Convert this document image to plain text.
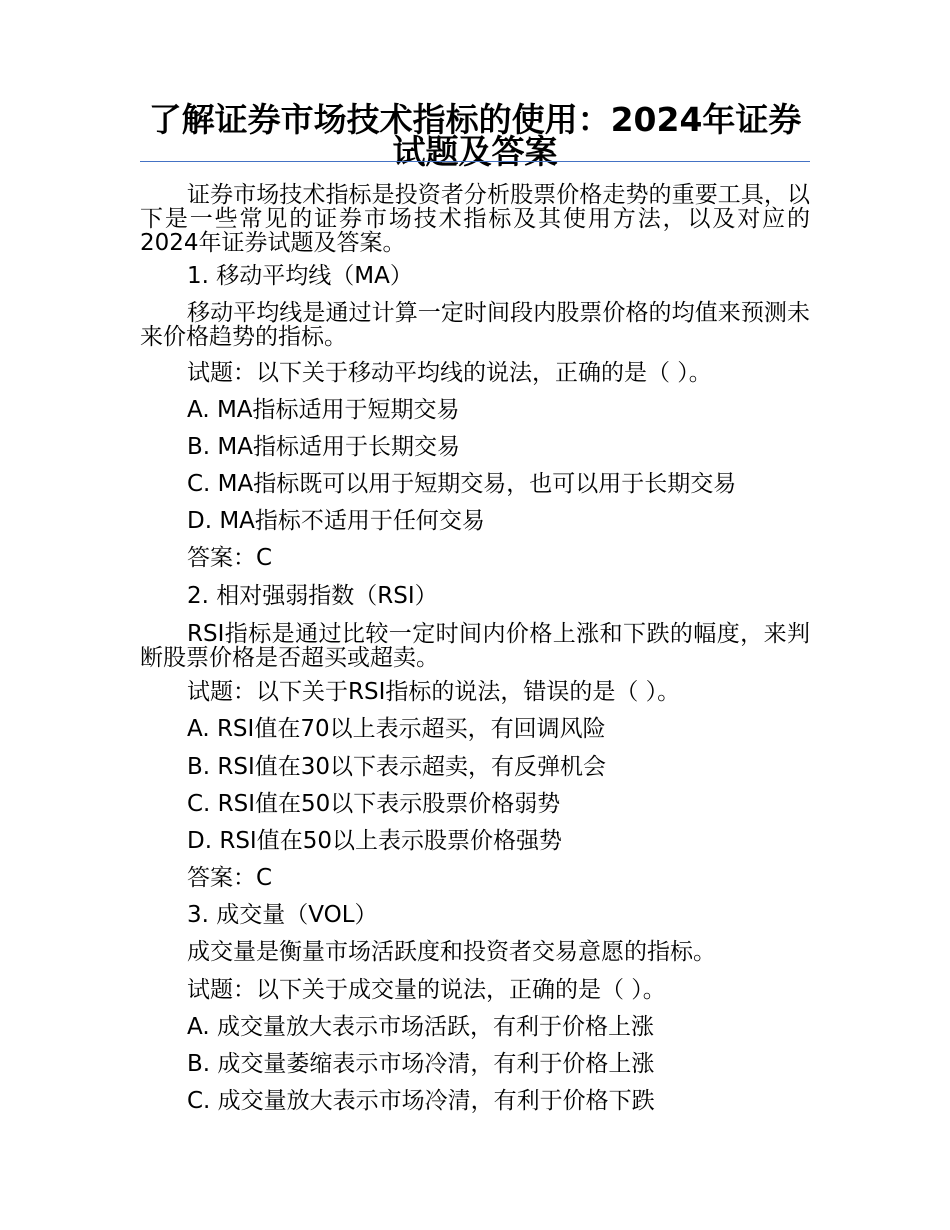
了解证券市场技术指标的使用：2024年证券试题及答案

证券市场技术指标是投资者分析股票价格走势的重要工具，以下是一些常见的证券市场技术指标及其使用方法，以及对应的2024年证券试题及答案。

1. 移动平均线（MA）

移动平均线是通过计算一定时间段内股票价格的均值来预测未来价格趋势的指标。

试题：以下关于移动平均线的说法，正确的是（ ）。

A. MA指标适用于短期交易

B. MA指标适用于长期交易

C. MA指标既可以用于短期交易，也可以用于长期交易

D. MA指标不适用于任何交易

答案：C

2. 相对强弱指数（RSI）

RSI指标是通过比较一定时间内价格上涨和下跌的幅度，来判断股票价格是否超买或超卖。

试题：以下关于RSI指标的说法，错误的是（ ）。

A. RSI值在70以上表示超买，有回调风险

B. RSI值在30以下表示超卖，有反弹机会

C. RSI值在50以下表示股票价格弱势

D. RSI值在50以上表示股票价格强势

答案：C

3. 成交量（VOL）

成交量是衡量市场活跃度和投资者交易意愿的指标。

试题：以下关于成交量的说法，正确的是（ ）。

A. 成交量放大表示市场活跃，有利于价格上涨

B. 成交量萎缩表示市场冷清，有利于价格上涨

C. 成交量放大表示市场冷清，有利于价格下跌
